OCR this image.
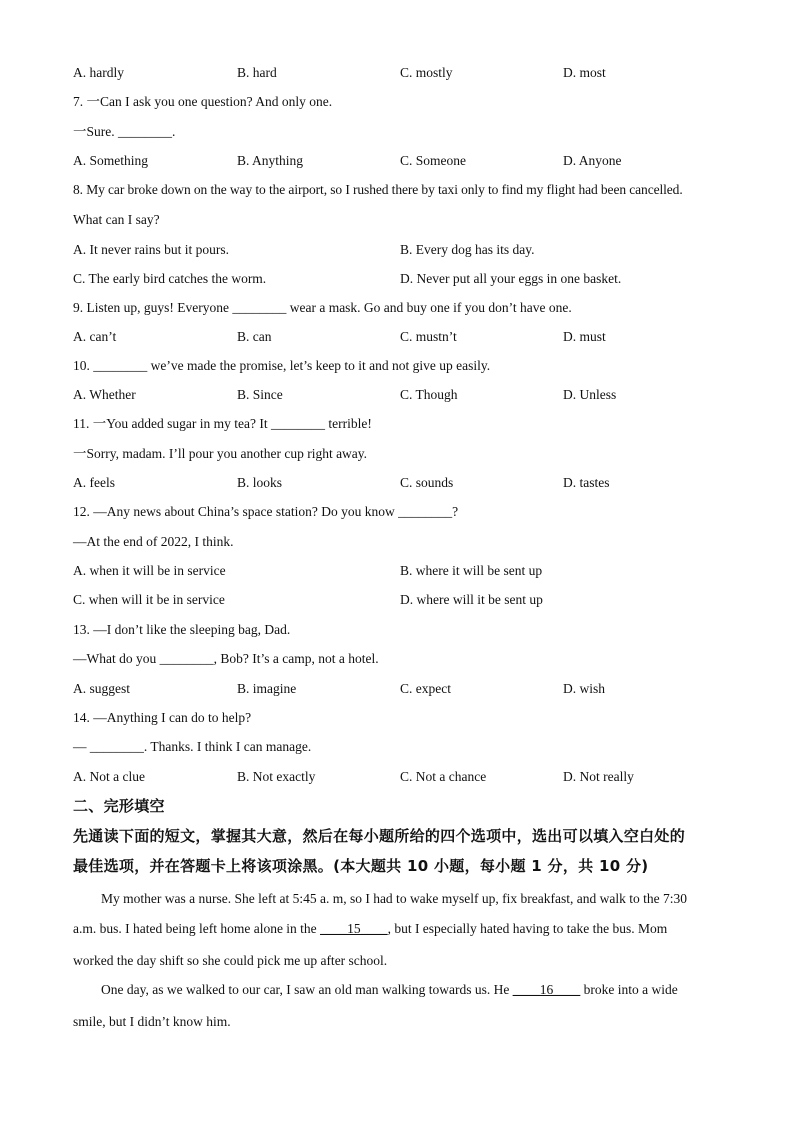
A. hardly	B. hard	C. mostly	D. most
7. 一Can I ask you one question? And only one.
一Sure. ________.
A. Something	B. Anything	C. Someone	D. Anyone
8. My car broke down on the way to the airport, so I rushed there by taxi only to find my flight had been cancelled.
What can I say?
A. It never rains but it pours.	B. Every dog has its day.
C. The early bird catches the worm.	D. Never put all your eggs in one basket.
9. Listen up, guys! Everyone ________ wear a mask. Go and buy one if you don’t have one.
A. can’t	B. can	C. mustn’t	D. must
10. ________ we’ve made the promise, let’s keep to it and not give up easily.
A. Whether	B. Since	C. Though	D. Unless
11. 一You added sugar in my tea? It ________ terrible!
一Sorry, madam. I’ll pour you another cup right away.
A. feels	B. looks	C. sounds	D. tastes
12. —Any news about China’s space station? Do you know ________?
—At the end of 2022, I think.
A. when it will be in service	B. where it will be sent up
C. when will it be in service	D. where will it be sent up
13. —I don’t like the sleeping bag, Dad.
—What do you ________, Bob? It’s a camp, not a hotel.
A. suggest	B. imagine	C. expect	D. wish
14. —Anything I can do to help?
— ________. Thanks. I think I can manage.
A. Not a clue	B. Not exactly	C. Not a chance	D. Not really
二、完形填空
先通读下面的短文，掌握其大意，然后在每小题所给的四个选项中，选出可以填入空白处的
最佳选项，并在答题卡上将该项涂黑。(本大题共 10 小题，每小题 1 分，共 10 分)
My mother was a nurse. She left at 5:45 a. m, so I had to wake myself up, fix breakfast, and walk to the 7:30
a.m. bus. I hated being left home alone in the ____15____, but I especially hated having to take the bus. Mom
worked the day shift so she could pick me up after school.
One day, as we walked to our car, I saw an old man walking towards us. He ____16____ broke into a wide
smile, but I didn’t know him.
